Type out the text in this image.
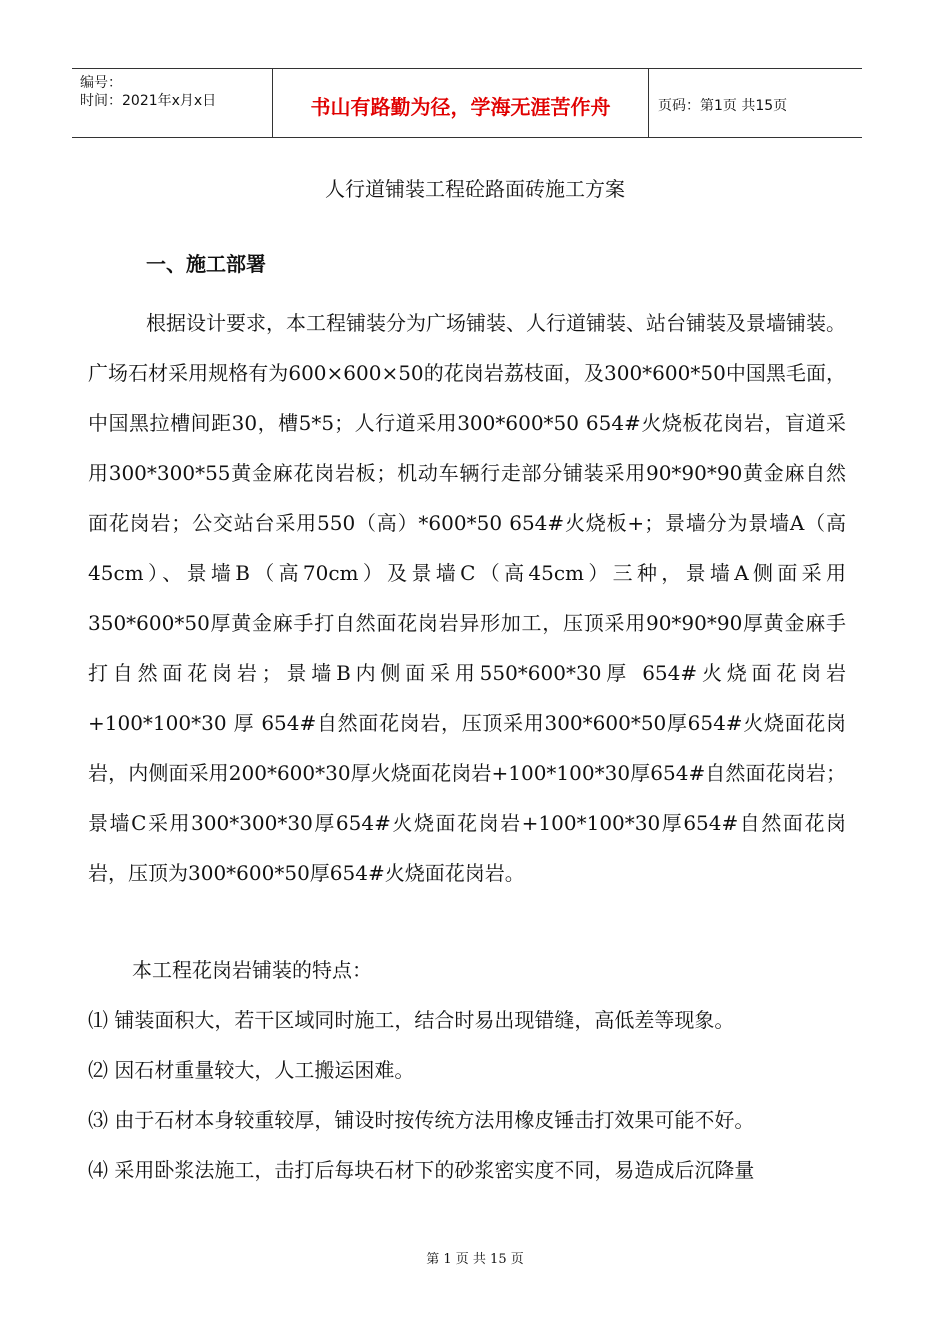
编号：
时间：2021年x月x日	书山有路勤为径，学海无涯苦作舟	页码：第1页 共15页
人行道铺装工程砼路面砖施工方案
一、施工部署

根据设计要求，本工程铺装分为广场铺装、人行道铺装、站台铺装及景墙铺装。广场石材采用规格有为600×600×50的花岗岩荔枝面，及300*600*50中国黑毛面，中国黑拉槽间距30，槽5*5；人行道采用300*600*50 654#火烧板花岗岩，盲道采用300*300*55黄金麻花岗岩板；机动车辆行走部分铺装采用90*90*90黄金麻自然面花岗岩；公交站台采用550（高）*600*50 654#火烧板+；景墙分为景墙A（高45cm）、景墙B（高70cm）及景墙C（高45cm）三种，景墙A侧面采用350*600*50厚黄金麻手打自然面花岗岩异形加工，压顶采用90*90*90厚黄金麻手打自然面花岗岩；景墙B内侧面采用550*600*30厚 654#火烧面花岗岩+100*100*30 厚 654#自然面花岗岩，压顶采用300*600*50厚654#火烧面花岗岩，内侧面采用200*600*30厚火烧面花岗岩+100*100*30厚654#自然面花岗岩；景墙C采用300*300*30厚654#火烧面花岗岩+100*100*30厚654#自然面花岗岩，压顶为300*600*50厚654#火烧面花岗岩。

本工程花岗岩铺装的特点：
⑴ 铺装面积大，若干区域同时施工，结合时易出现错缝，高低差等现象。
⑵ 因石材重量较大，人工搬运困难。
⑶ 由于石材本身较重较厚，铺设时按传统方法用橡皮锤击打效果可能不好。
⑷ 采用卧浆法施工，击打后每块石材下的砂浆密实度不同，易造成后沉降量
第 1 页 共 15 页
